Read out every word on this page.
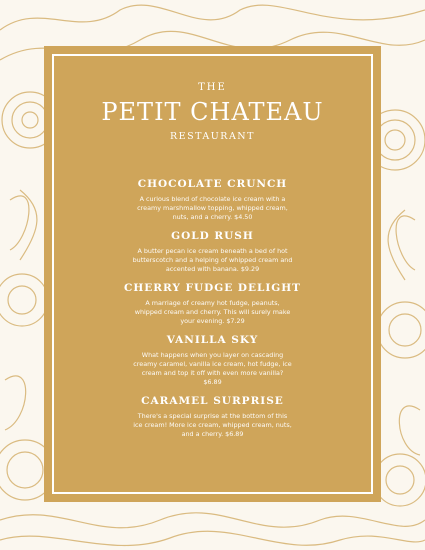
THE
PETIT CHATEAU
RESTAURANT
CHOCOLATE CRUNCH
A curious blend of chocolate ice cream with a creamy marshmallow topping, whipped cream, nuts, and a cherry. $4.50
GOLD RUSH
A butter pecan ice cream beneath a bed of hot butterscotch and a helping of whipped cream and accented with banana. $9.29
CHERRY FUDGE DELIGHT
A marriage of creamy hot fudge, peanuts, whipped cream and cherry. This will surely make your evening. $7.29
VANILLA SKY
What happens when you layer on cascading creamy caramel, vanilla ice cream, hot fudge, ice cream and top it off with even more vanilla? $6.89
CARAMEL SURPRISE
There's a special surprise at the bottom of this ice cream! More ice cream, whipped cream, nuts, and a cherry. $6.89
